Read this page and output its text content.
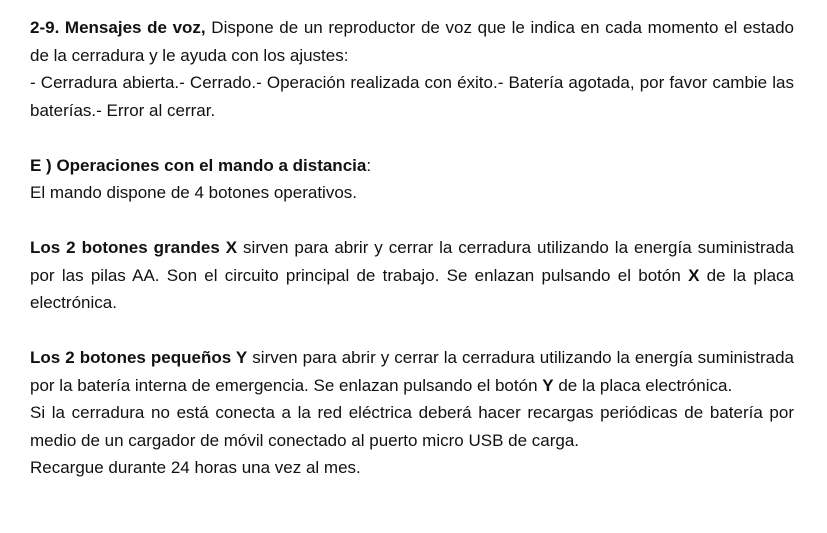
2-9. Mensajes de voz, Dispone de un reproductor de voz que le indica en cada momento el estado de la cerradura y le ayuda con los ajustes:

- Cerradura abierta.- Cerrado.- Operación realizada con éxito.- Batería agotada, por favor cambie las baterías.- Error al cerrar.

E ) Operaciones con el mando a distancia:

El mando dispone de 4 botones operativos.

Los 2 botones grandes X sirven para abrir y cerrar la cerradura utilizando la energía suministrada por las pilas AA. Son el circuito principal de trabajo. Se enlazan pulsando el botón X de la placa electrónica.

Los 2 botones pequeños Y sirven para abrir y cerrar la cerradura utilizando la energía suministrada por la batería interna de emergencia. Se enlazan pulsando el botón Y de la placa electrónica.

Si la cerradura no está conecta a la red eléctrica deberá hacer recargas periódicas de batería por medio de un cargador de móvil conectado al puerto micro USB de carga.

Recargue durante 24 horas una vez al mes.
